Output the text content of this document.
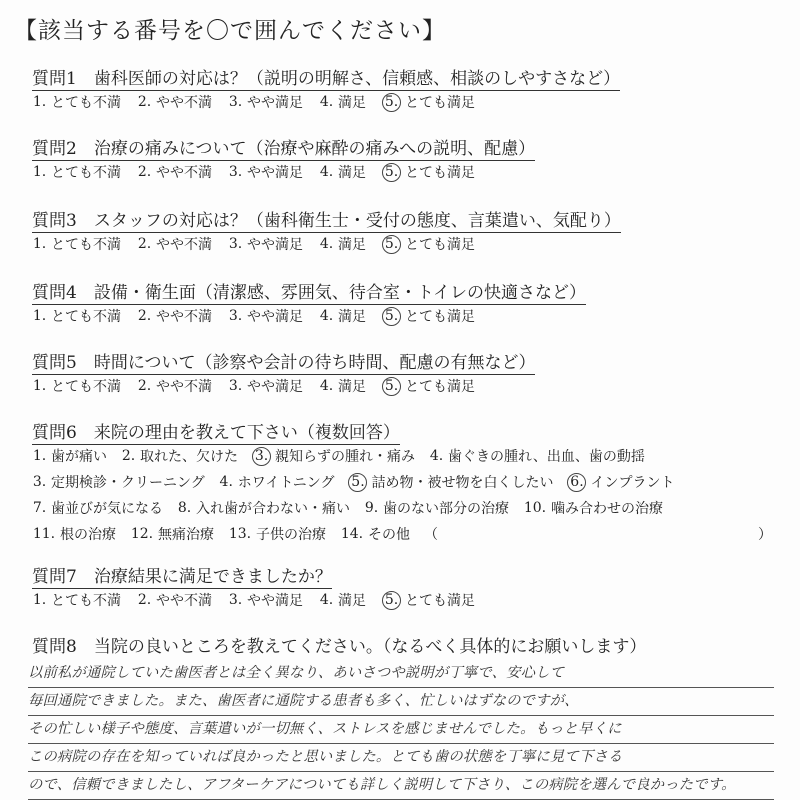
【該当する番号を〇で囲んでください】
質問1　歯科医師の対応は？（説明の明解さ、信頼感、相談のしやすさなど）
1. とても不満 2. やや不満 3. やや満足 4. 満足 5. とても満足
質問2　治療の痛みについて（治療や麻酔の痛みへの説明、配慮）
1. とても不満 2. やや不満 3. やや満足 4. 満足 5. とても満足
質問3　スタッフの対応は？（歯科衛生士・受付の態度、言葉遣い、気配り）
1. とても不満 2. やや不満 3. やや満足 4. 満足 5. とても満足
質問4　設備・衛生面（清潔感、雰囲気、待合室・トイレの快適さなど）
1. とても不満 2. やや不満 3. やや満足 4. 満足 5. とても満足
質問5　時間について（診察や会計の待ち時間、配慮の有無など）
1. とても不満 2. やや不満 3. やや満足 4. 満足 5. とても満足
質問6　来院の理由を教えて下さい（複数回答）
1. 歯が痛い 2. 取れた、欠けた 3. 親知らずの腫れ・痛み 4. 歯ぐきの腫れ、出血、歯の動揺
3. 定期検診・クリーニング 4. ホワイトニング 5. 詰め物・被せ物を白くしたい 6. インプラント
7. 歯並びが気になる 8. 入れ歯が合わない・痛い 9. 歯のない部分の治療 10. 噛み合わせの治療
11. 根の治療 12. 無痛治療 13. 子供の治療 14. その他 （	）
質問7　治療結果に満足できましたか？
1. とても不満 2. やや不満 3. やや満足 4. 満足 5. とても満足
質問8　当院の良いところを教えてください。（なるべく具体的にお願いします）
以前私が通院していた歯医者とは全く異なり、あいさつや説明が丁寧で、安心して
毎回通院できました。また、歯医者に通院する患者も多く、忙しいはずなのですが、
その忙しい様子や態度、言葉遣いが一切無く、ストレスを感じませんでした。もっと早くに
この病院の存在を知っていれば良かったと思いました。とても歯の状態を丁寧に見て下さる
ので、信頼できましたし、アフターケアについても詳しく説明して下さり、この病院を選んで良かったです。
